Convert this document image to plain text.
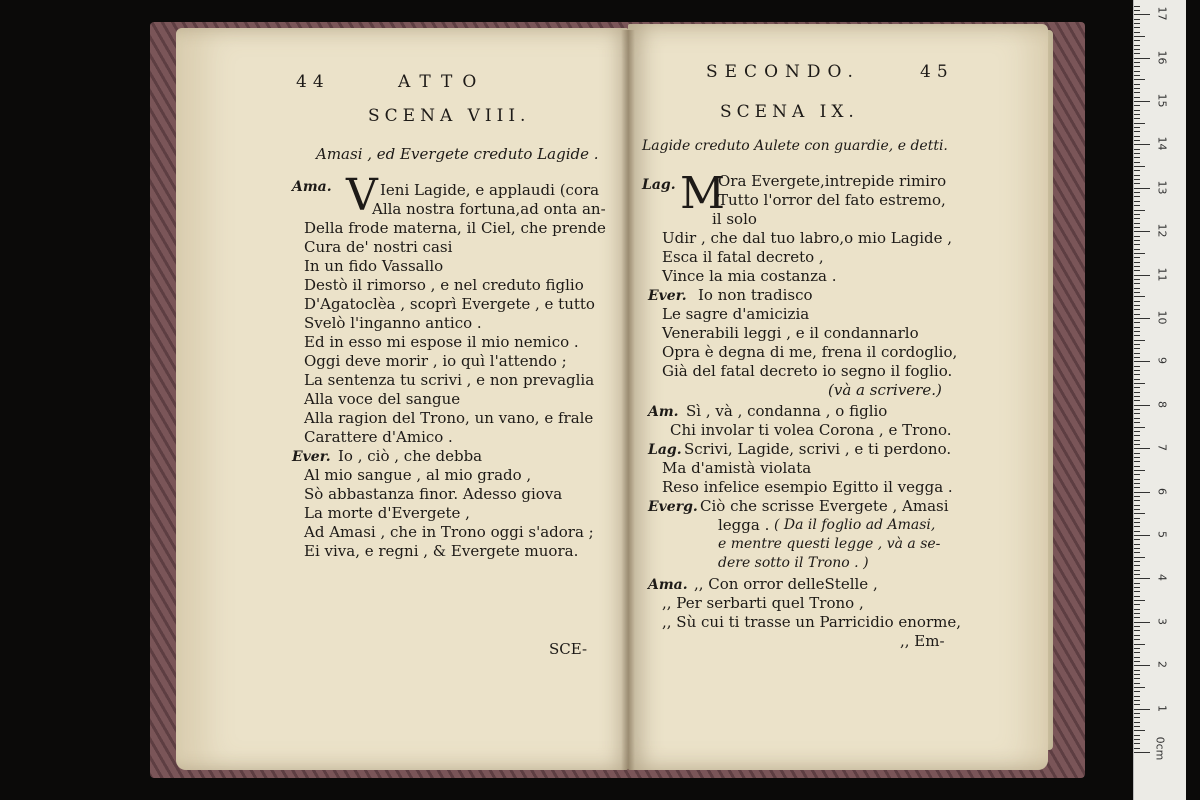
44	ATTO
SCENA VIII.
Amasi , ed Evergete creduto Lagide .
Ama. V Ieni Lagide, e applaudi (cora
Alla nostra fortuna,ad onta an-
Della frode materna, il Ciel, che prende
Cura de' nostri casi
In un fido Vassallo
Destò il rimorso , e nel creduto figlio
D'Agatoclèa , scoprì Evergete , e tutto
Svelò l'inganno antico .
Ed in esso mi espose il mio nemico .
Oggi deve morir , io quì l'attendo ;
La sentenza tu scrivi , e non prevaglia
Alla voce del sangue
Alla ragion del Trono, un vano, e frale
Carattere d'Amico .
Ever. Io , ciò , che debba
Al mio sangue , al mio grado ,
Sò abbastanza finor. Adesso giova
La morte d'Evergete ,
Ad Amasi , che in Trono oggi s'adora ;
Ei viva, e regni , & Evergete muora.
SCE-
SECONDO.	45
SCENA IX.
Lagide creduto Aulete con guardie, e detti.
Lag. M
Ora Evergete,intrepide rimiro
Tutto l'orror del fato estremo,
il solo
Udir , che dal tuo labro,o mio Lagide ,
Esca il fatal decreto ,
Vince la mia costanza .
Ever. Io non tradisco
Le sagre d'amicizia
Venerabili leggi , e il condannarlo
Opra è degna di me, frena il cordoglio,
Già del fatal decreto io segno il foglio.
(và a scrivere.)
Am. Sì , và , condanna , o figlio
Chi involar ti volea Corona , e Trono.
Lag. Scrivi, Lagide, scrivi , e ti perdono.
Ma d'amistà violata
Reso infelice esempio Egitto il vegga .
Everg. Ciò che scrisse Evergete , Amasi
legga . ( Da il foglio ad Amasi,
e mentre questi legge , và a se-
dere sotto il Trono . )
Ama. ,, Con orror delleStelle ,
,, Per serbarti quel Trono ,
,, Sù cui ti trasse un Parricidio enorme,
,, Em-
0cm
1
2
3
4
5
6
7
8
9
10
11
12
13
14
15
16
17
